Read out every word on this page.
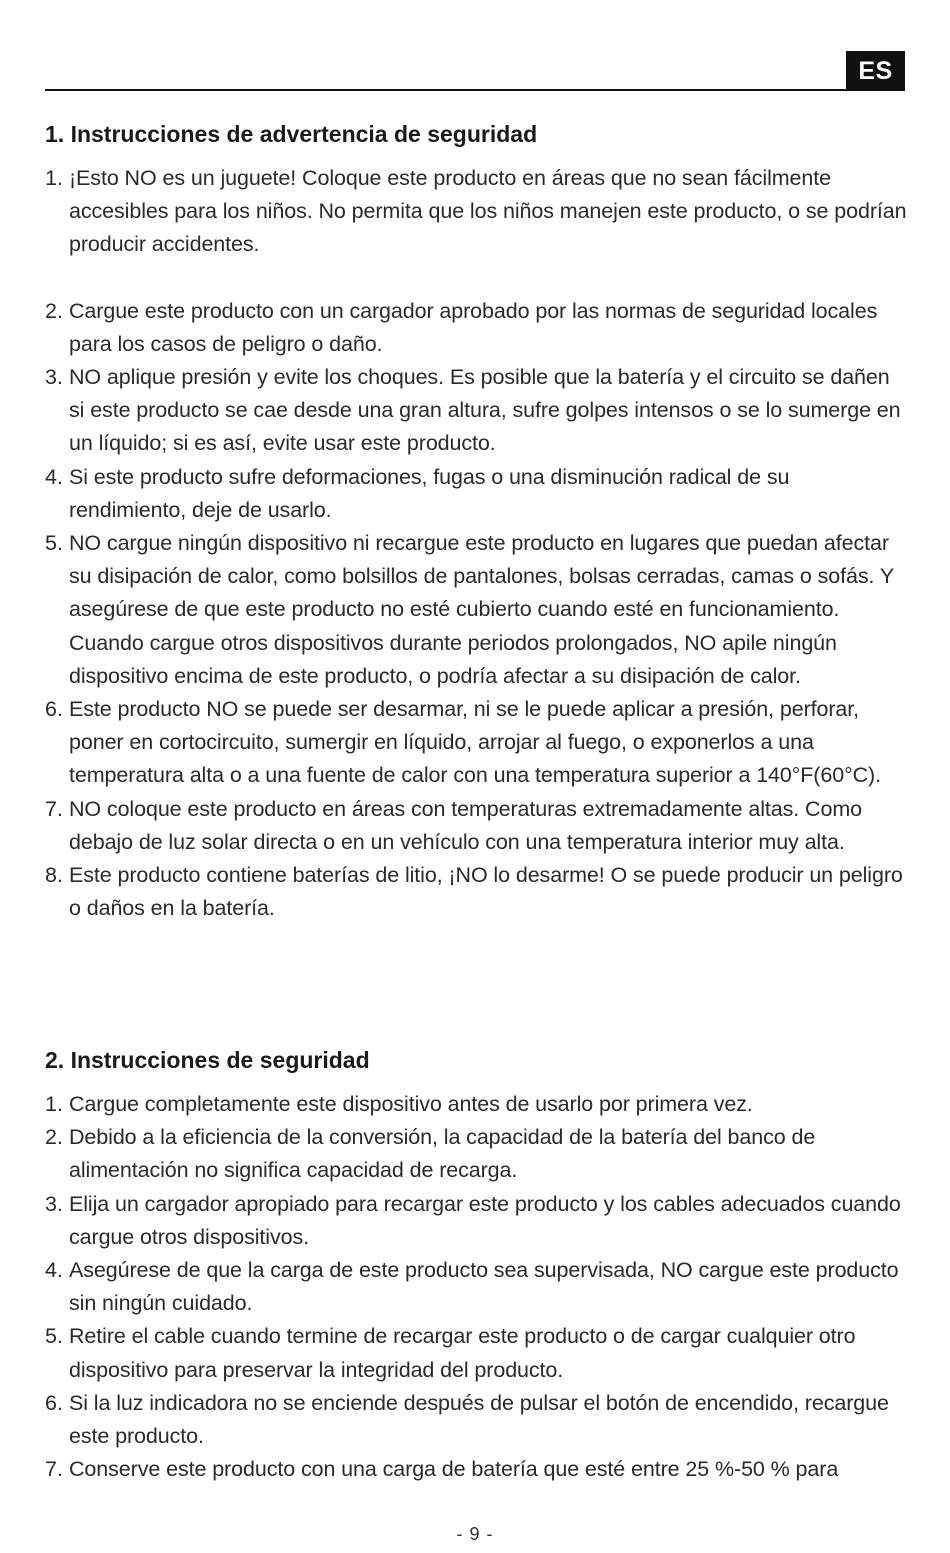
ES
1. Instrucciones de advertencia de seguridad
1. ¡Esto NO es un juguete! Coloque este producto en áreas que no sean fácilmente accesibles para los niños. No permita que los niños manejen este producto, o se podrían producir accidentes.
2. Cargue este producto con un cargador aprobado por las normas de seguridad locales para los casos de peligro o daño.
3. NO aplique presión y evite los choques. Es posible que la batería y el circuito se dañen si este producto se cae desde una gran altura, sufre golpes intensos o se lo sumerge en un líquido; si es así, evite usar este producto.
4. Si este producto sufre deformaciones, fugas o una disminución radical de su rendimiento, deje de usarlo.
5. NO cargue ningún dispositivo ni recargue este producto en lugares que puedan afectar su disipación de calor, como bolsillos de pantalones, bolsas cerradas, camas o sofás. Y asegúrese de que este producto no esté cubierto cuando esté en funcionamiento. Cuando cargue otros dispositivos durante periodos prolongados, NO apile ningún dispositivo encima de este producto, o podría afectar a su disipación de calor.
6. Este producto NO se puede ser desarmar, ni se le puede aplicar a presión, perforar, poner en cortocircuito, sumergir en líquido, arrojar al fuego, o exponerlos a una temperatura alta o a una fuente de calor con una temperatura superior a 140°F(60°C).
7. NO coloque este producto en áreas con temperaturas extremadamente altas. Como debajo de luz solar directa o en un vehículo con una temperatura interior muy alta.
8. Este producto contiene baterías de litio, ¡NO lo desarme! O se puede producir un peligro o daños en la batería.
2. Instrucciones de seguridad
1. Cargue completamente este dispositivo antes de usarlo por primera vez.
2. Debido a la eficiencia de la conversión, la capacidad de la batería del banco de alimentación no significa capacidad de recarga.
3. Elija un cargador apropiado para recargar este producto y los cables adecuados cuando cargue otros dispositivos.
4. Asegúrese de que la carga de este producto sea supervisada, NO cargue este producto sin ningún cuidado.
5. Retire el cable cuando termine de recargar este producto o de cargar cualquier otro dispositivo para preservar la integridad del producto.
6. Si la luz indicadora no se enciende después de pulsar el botón de encendido, recargue este producto.
7. Conserve este producto con una carga de batería que esté entre 25 %-50 % para
- 9 -
